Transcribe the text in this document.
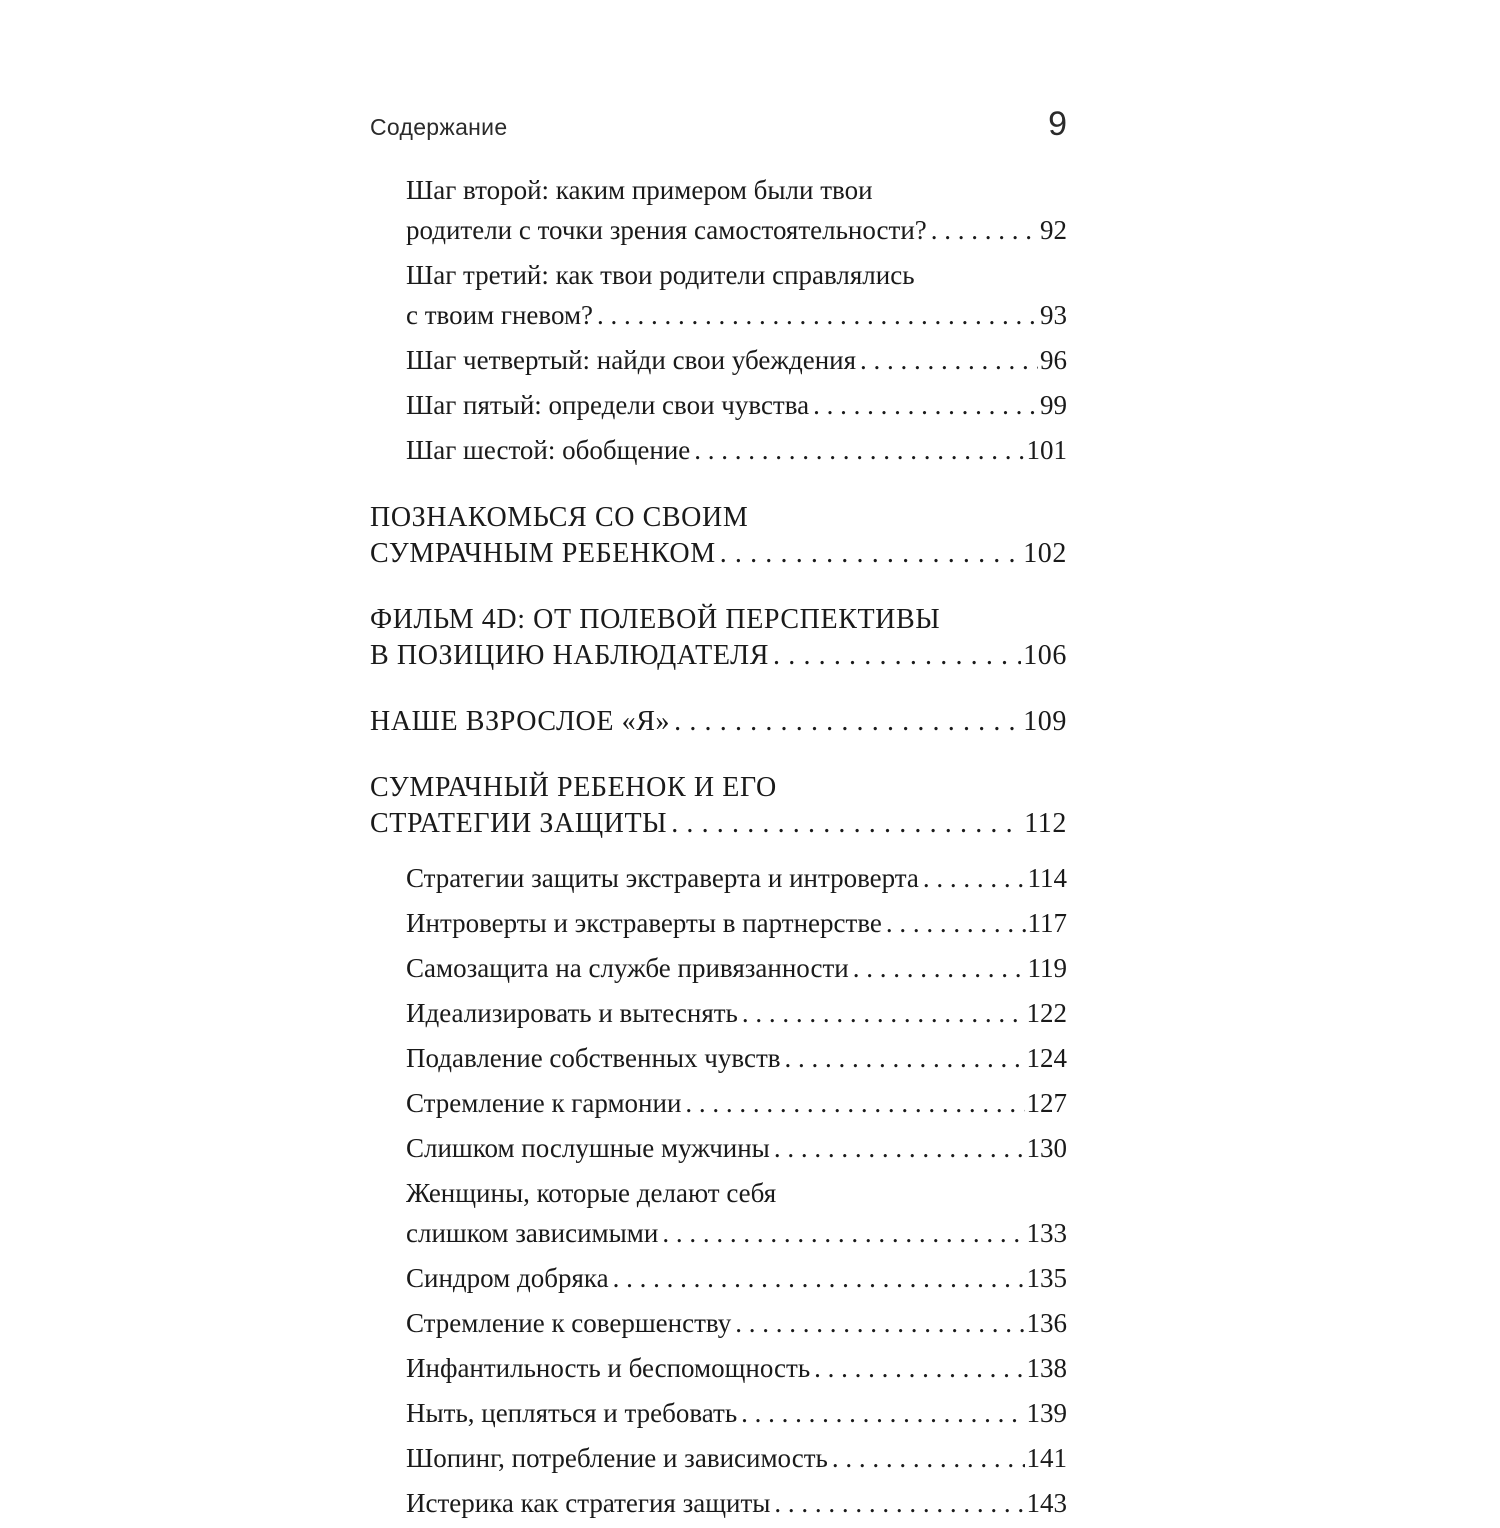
Содержание	9
Шаг второй: каким примером были твои
родители с точки зрения самостоятельности? . . .	92
Шаг третий: как твои родители справлялись
с твоим гневом? . . .	93
Шаг четвертый: найди свои убеждения . . .	96
Шаг пятый: определи свои чувства . . .	99
Шаг шестой: обобщение . . .	101
ПОЗНАКОМЬСЯ СО СВОИМ
СУМРАЧНЫМ РЕБЕНКОМ . . .	102
ФИЛЬМ 4D: ОТ ПОЛЕВОЙ ПЕРСПЕКТИВЫ
В ПОЗИЦИЮ НАБЛЮДАТЕЛЯ . . .	106
НАШЕ ВЗРОСЛОЕ «Я» . . .	109
СУМРАЧНЫЙ РЕБЕНОК И ЕГО
СТРАТЕГИИ ЗАЩИТЫ . . .	112
Стратегии защиты экстраверта и интроверта . . .	114
Интроверты и экстраверты в партнерстве . . .	117
Самозащита на службе привязанности . . .	119
Идеализировать и вытеснять . . .	122
Подавление собственных чувств . . .	124
Стремление к гармонии . . .	127
Слишком послушные мужчины . . .	130
Женщины, которые делают себя
слишком зависимыми . . .	133
Синдром добряка . . .	135
Стремление к совершенству . . .	136
Инфантильность и беспомощность . . .	138
Ныть, цепляться и требовать . . .	139
Шопинг, потребление и зависимость . . .	141
Истерика как стратегия защиты . . .	143
